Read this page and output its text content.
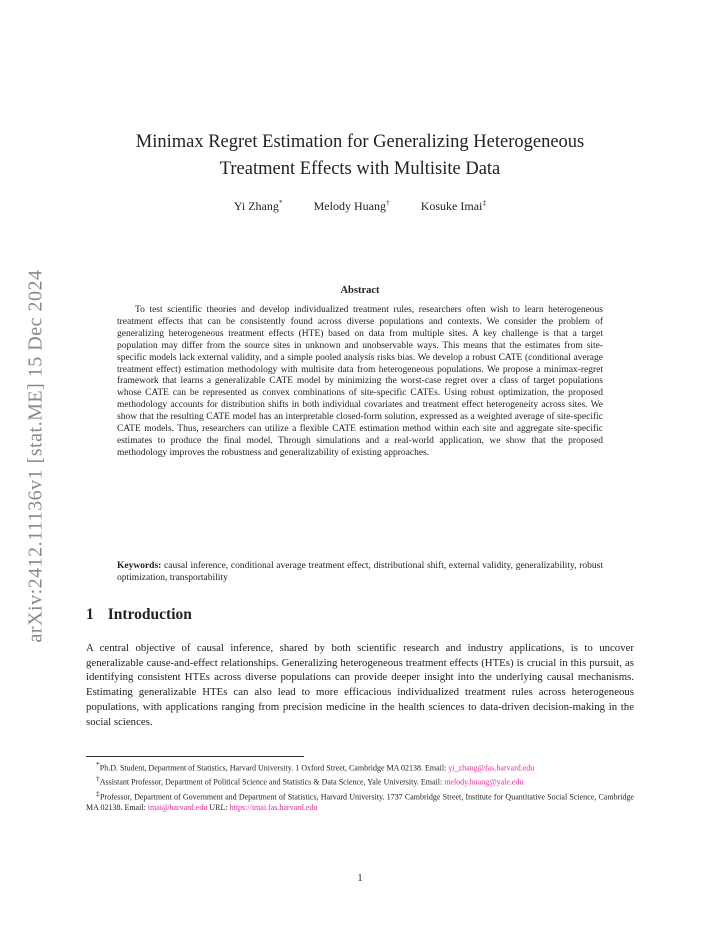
arXiv:2412.11136v1 [stat.ME] 15 Dec 2024
Minimax Regret Estimation for Generalizing Heterogeneous Treatment Effects with Multisite Data
Yi Zhang*	Melody Huang†	Kosuke Imai‡
Abstract

To test scientific theories and develop individualized treatment rules, researchers often wish to learn heterogeneous treatment effects that can be consistently found across diverse populations and contexts. We consider the problem of generalizing heterogeneous treatment effects (HTE) based on data from multiple sites. A key challenge is that a target population may differ from the source sites in unknown and unobservable ways. This means that the estimates from site-specific models lack external validity, and a simple pooled analysis risks bias. We develop a robust CATE (conditional average treatment effect) estimation methodology with multisite data from heterogeneous populations. We propose a minimax-regret framework that learns a generalizable CATE model by minimizing the worst-case regret over a class of target populations whose CATE can be represented as convex combinations of site-specific CATEs. Using robust optimization, the proposed methodology accounts for distribution shifts in both individual covariates and treatment effect heterogeneity across sites. We show that the resulting CATE model has an interpretable closed-form solution, expressed as a weighted average of site-specific CATE models. Thus, researchers can utilize a flexible CATE estimation method within each site and aggregate site-specific estimates to produce the final model. Through simulations and a real-world application, we show that the proposed methodology improves the robustness and generalizability of existing approaches.

Keywords: causal inference, conditional average treatment effect, distributional shift, external validity, generalizability, robust optimization, transportability

1 Introduction

A central objective of causal inference, shared by both scientific research and industry applications, is to uncover generalizable cause-and-effect relationships. Generalizing heterogeneous treatment effects (HTEs) is crucial in this pursuit, as identifying consistent HTEs across diverse populations can provide deeper insight into the underlying causal mechanisms. Estimating generalizable HTEs can also lead to more efficacious individualized treatment rules across heterogeneous populations, with applications ranging from precision medicine in the health sciences to data-driven decision-making in the social sciences.

*Ph.D. Student, Department of Statistics, Harvard University. 1 Oxford Street, Cambridge MA 02138. Email: yi_zhang@fas.harvard.edu

†Assistant Professor, Department of Political Science and Statistics & Data Science, Yale University. Email: melody.huang@yale.edu

‡Professor, Department of Government and Department of Statistics, Harvard University. 1737 Cambridge Street, Institute for Quantitative Social Science, Cambridge MA 02138. Email: imai@harvard.edu URL: https://imai.fas.harvard.edu

1
